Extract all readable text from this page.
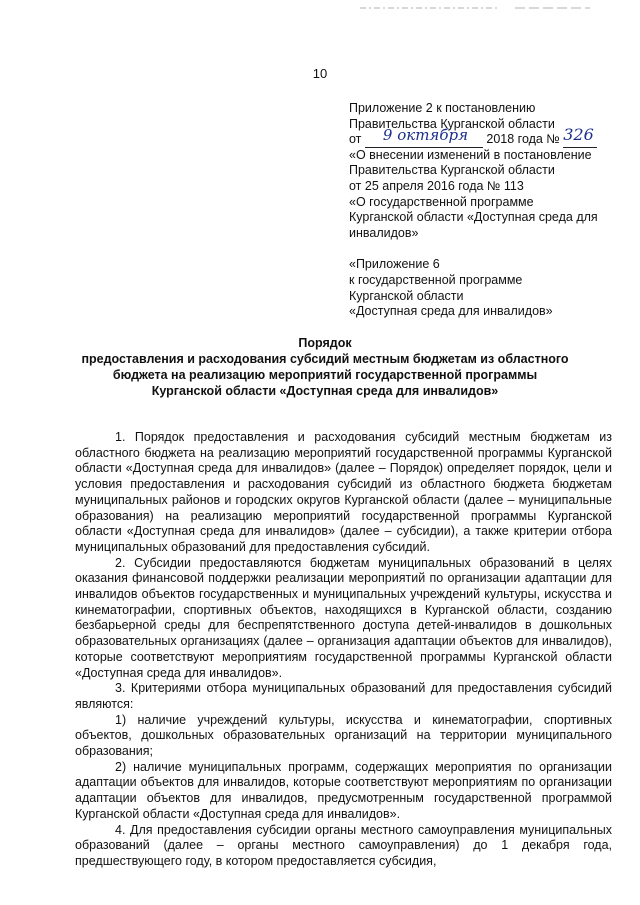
10
Приложение 2 к постановлению
Правительства Курганской области
от 9 октября 2018 года № 326
«О внесении изменений в постановление
Правительства Курганской области
от 25 апреля 2016 года № 113
«О государственной программе
Курганской области «Доступная среда для
инвалидов»
«Приложение 6
к государственной программе
Курганской области
«Доступная среда для инвалидов»
Порядок
предоставления и расходования субсидий местным бюджетам из областного
бюджета на реализацию мероприятий государственной программы
Курганской области «Доступная среда для инвалидов»

1. Порядок предоставления и расходования субсидий местным бюджетам из областного бюджета на реализацию мероприятий государственной программы Курганской области «Доступная среда для инвалидов» (далее – Порядок) определяет порядок, цели и условия предоставления и расходования субсидий из областного бюджета бюджетам муниципальных районов и городских округов Курганской области (далее – муниципальные образования) на реализацию мероприятий государственной программы Курганской области «Доступная среда для инвалидов» (далее – субсидии), а также критерии отбора муниципальных образований для предоставления субсидий.

2. Субсидии предоставляются бюджетам муниципальных образований в целях оказания финансовой поддержки реализации мероприятий по организации адаптации для инвалидов объектов государственных и муниципальных учреждений культуры, искусства и кинематографии, спортивных объектов, находящихся в Курганской области, созданию безбарьерной среды для беспрепятственного доступа детей-инвалидов в дошкольных образовательных организациях (далее – организация адаптации объектов для инвалидов), которые соответствуют мероприятиям государственной программы Курганской области «Доступная среда для инвалидов».

3. Критериями отбора муниципальных образований для предоставления субсидий являются:

1) наличие учреждений культуры, искусства и кинематографии, спортивных объектов, дошкольных образовательных организаций на территории муниципального образования;

2) наличие муниципальных программ, содержащих мероприятия по организации адаптации объектов для инвалидов, которые соответствуют мероприятиям по организации адаптации объектов для инвалидов, предусмотренным государственной программой Курганской области «Доступная среда для инвалидов».

4. Для предоставления субсидии органы местного самоуправления муниципальных образований (далее – органы местного самоуправления) до 1 декабря года, предшествующего году, в котором предоставляется субсидия,
